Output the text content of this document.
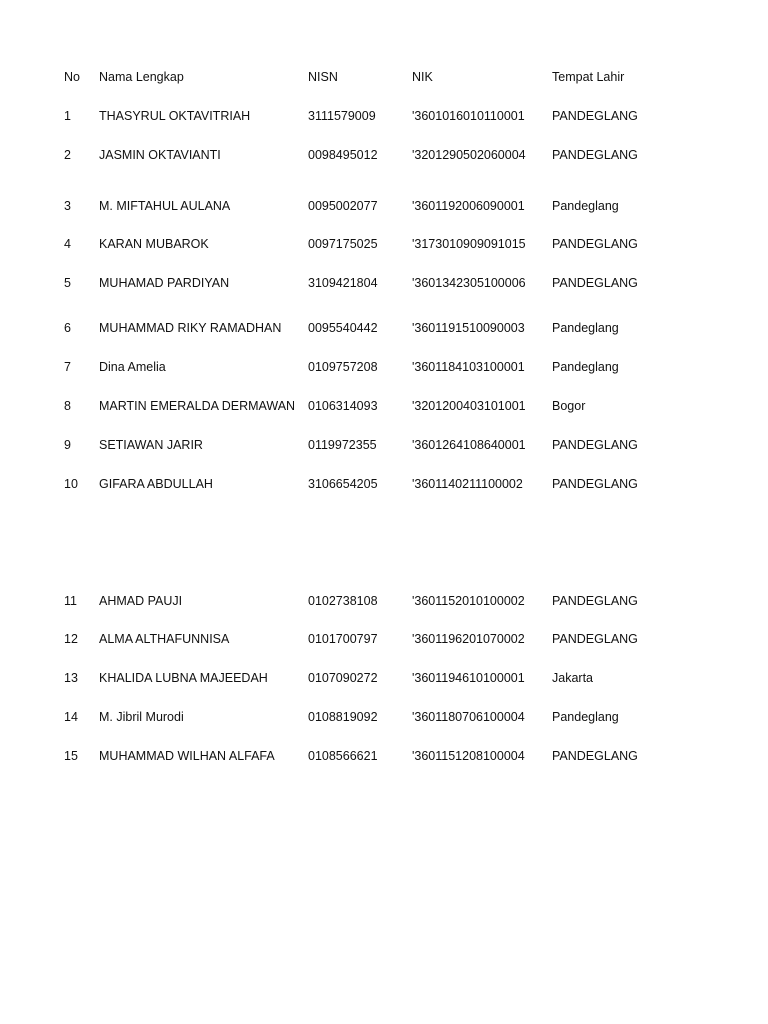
No Nama Lengkap	NISN	NIK	Tempat Lahir
1 THASYRUL OKTAVITRIAH	3111579009	'3601016010110001 PANDEGLANG
2 JASMIN OKTAVIANTI	0098495012	'3201290502060004 PANDEGLANG
3 M. MIFTAHUL AULANA	0095002077	'3601192006090001 Pandeglang
4 KARAN MUBAROK	0097175025	'3173010909091015 PANDEGLANG
5 MUHAMAD PARDIYAN	3109421804	'3601342305100006 PANDEGLANG
6 MUHAMMAD RIKY RAMADHAN 0095540442	'3601191510090003 Pandeglang
7 Dina Amelia	0109757208	'3601184103100001 Pandeglang
8 MARTIN EMERALDA DERMAWAN 0106314093	'3201200403101001 Bogor
9 SETIAWAN JARIR	0119972355	'3601264108640001 PANDEGLANG
10 GIFARA ABDULLAH	3106654205	'3601140211100002 PANDEGLANG
11 AHMAD PAUJI	0102738108	'3601152010100002 PANDEGLANG
12 ALMA ALTHAFUNNISA	0101700797	'3601196201070002 PANDEGLANG
13 KHALIDA LUBNA MAJEEDAH	0107090272	'3601194610100001 Jakarta
14 M. Jibril Murodi	0108819092	'3601180706100004 Pandeglang
15 MUHAMMAD WILHAN ALFAFA	0108566621	'3601151208100004 PANDEGLANG
